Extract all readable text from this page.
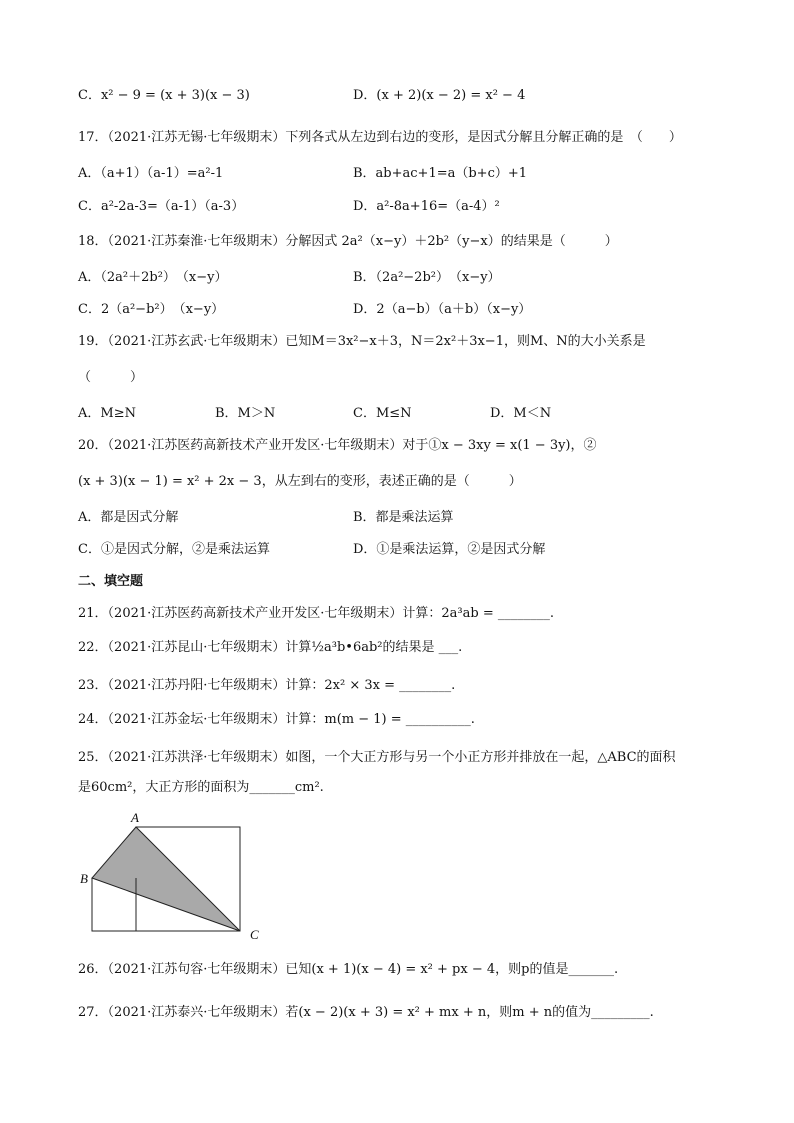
C．x² − 9 = (x + 3)(x − 3)	D．(x + 2)(x − 2) = x² − 4
17．（2021·江苏无锡·七年级期末）下列各式从左边到右边的变形，是因式分解且分解正确的是　（　　）
A．（a+1）（a-1）=a²-1	B．ab+ac+1=a（b+c）+1
C．a²-2a-3=（a-1）（a-3）	D．a²-8a+16=（a-4）²
18．（2021·江苏秦淮·七年级期末）分解因式 2a²（x−y）＋2b²（y−x）的结果是（　　　）
A．（2a²＋2b²）　（x−y）	B．（2a²−2b²）　（x−y）
C．2（a²−b²）　（x−y）	D．2（a−b）（a＋b）（x−y）
19．（2021·江苏玄武·七年级期末）已知M＝3x²−x＋3，N＝2x²＋3x−1，则M、N的大小关系是
（　　　）
A．M≥N	B．M＞N	C．M≤N	D．M＜N
20．（2021·江苏医药高新技术产业开发区·七年级期末）对于①x − 3xy = x(1 − 3y)，②
(x + 3)(x − 1) = x² + 2x − 3，从左到右的变形，表述正确的是（　　　）
A．都是因式分解	B．都是乘法运算
C．①是因式分解，②是乘法运算	D．①是乘法运算，②是因式分解
二、填空题
21．（2021·江苏医药高新技术产业开发区·七年级期末）计算：2a³ab = ________.
22．（2021·江苏昆山·七年级期末）计算½a³b•6ab²的结果是 ___.
23．（2021·江苏丹阳·七年级期末）计算：2x² × 3x = ________.
24．（2021·江苏金坛·七年级期末）计算：m(m − 1) = __________.
25．（2021·江苏洪泽·七年级期末）如图，一个大正方形与另一个小正方形并排放在一起，△ABC的面积
是60cm²，大正方形的面积为_______cm².
A
B
C
26．（2021·江苏句容·七年级期末）已知(x + 1)(x − 4) = x² + px − 4，则p的值是_______.
27．（2021·江苏泰兴·七年级期末）若(x − 2)(x + 3) = x² + mx + n，则m + n的值为_________.
